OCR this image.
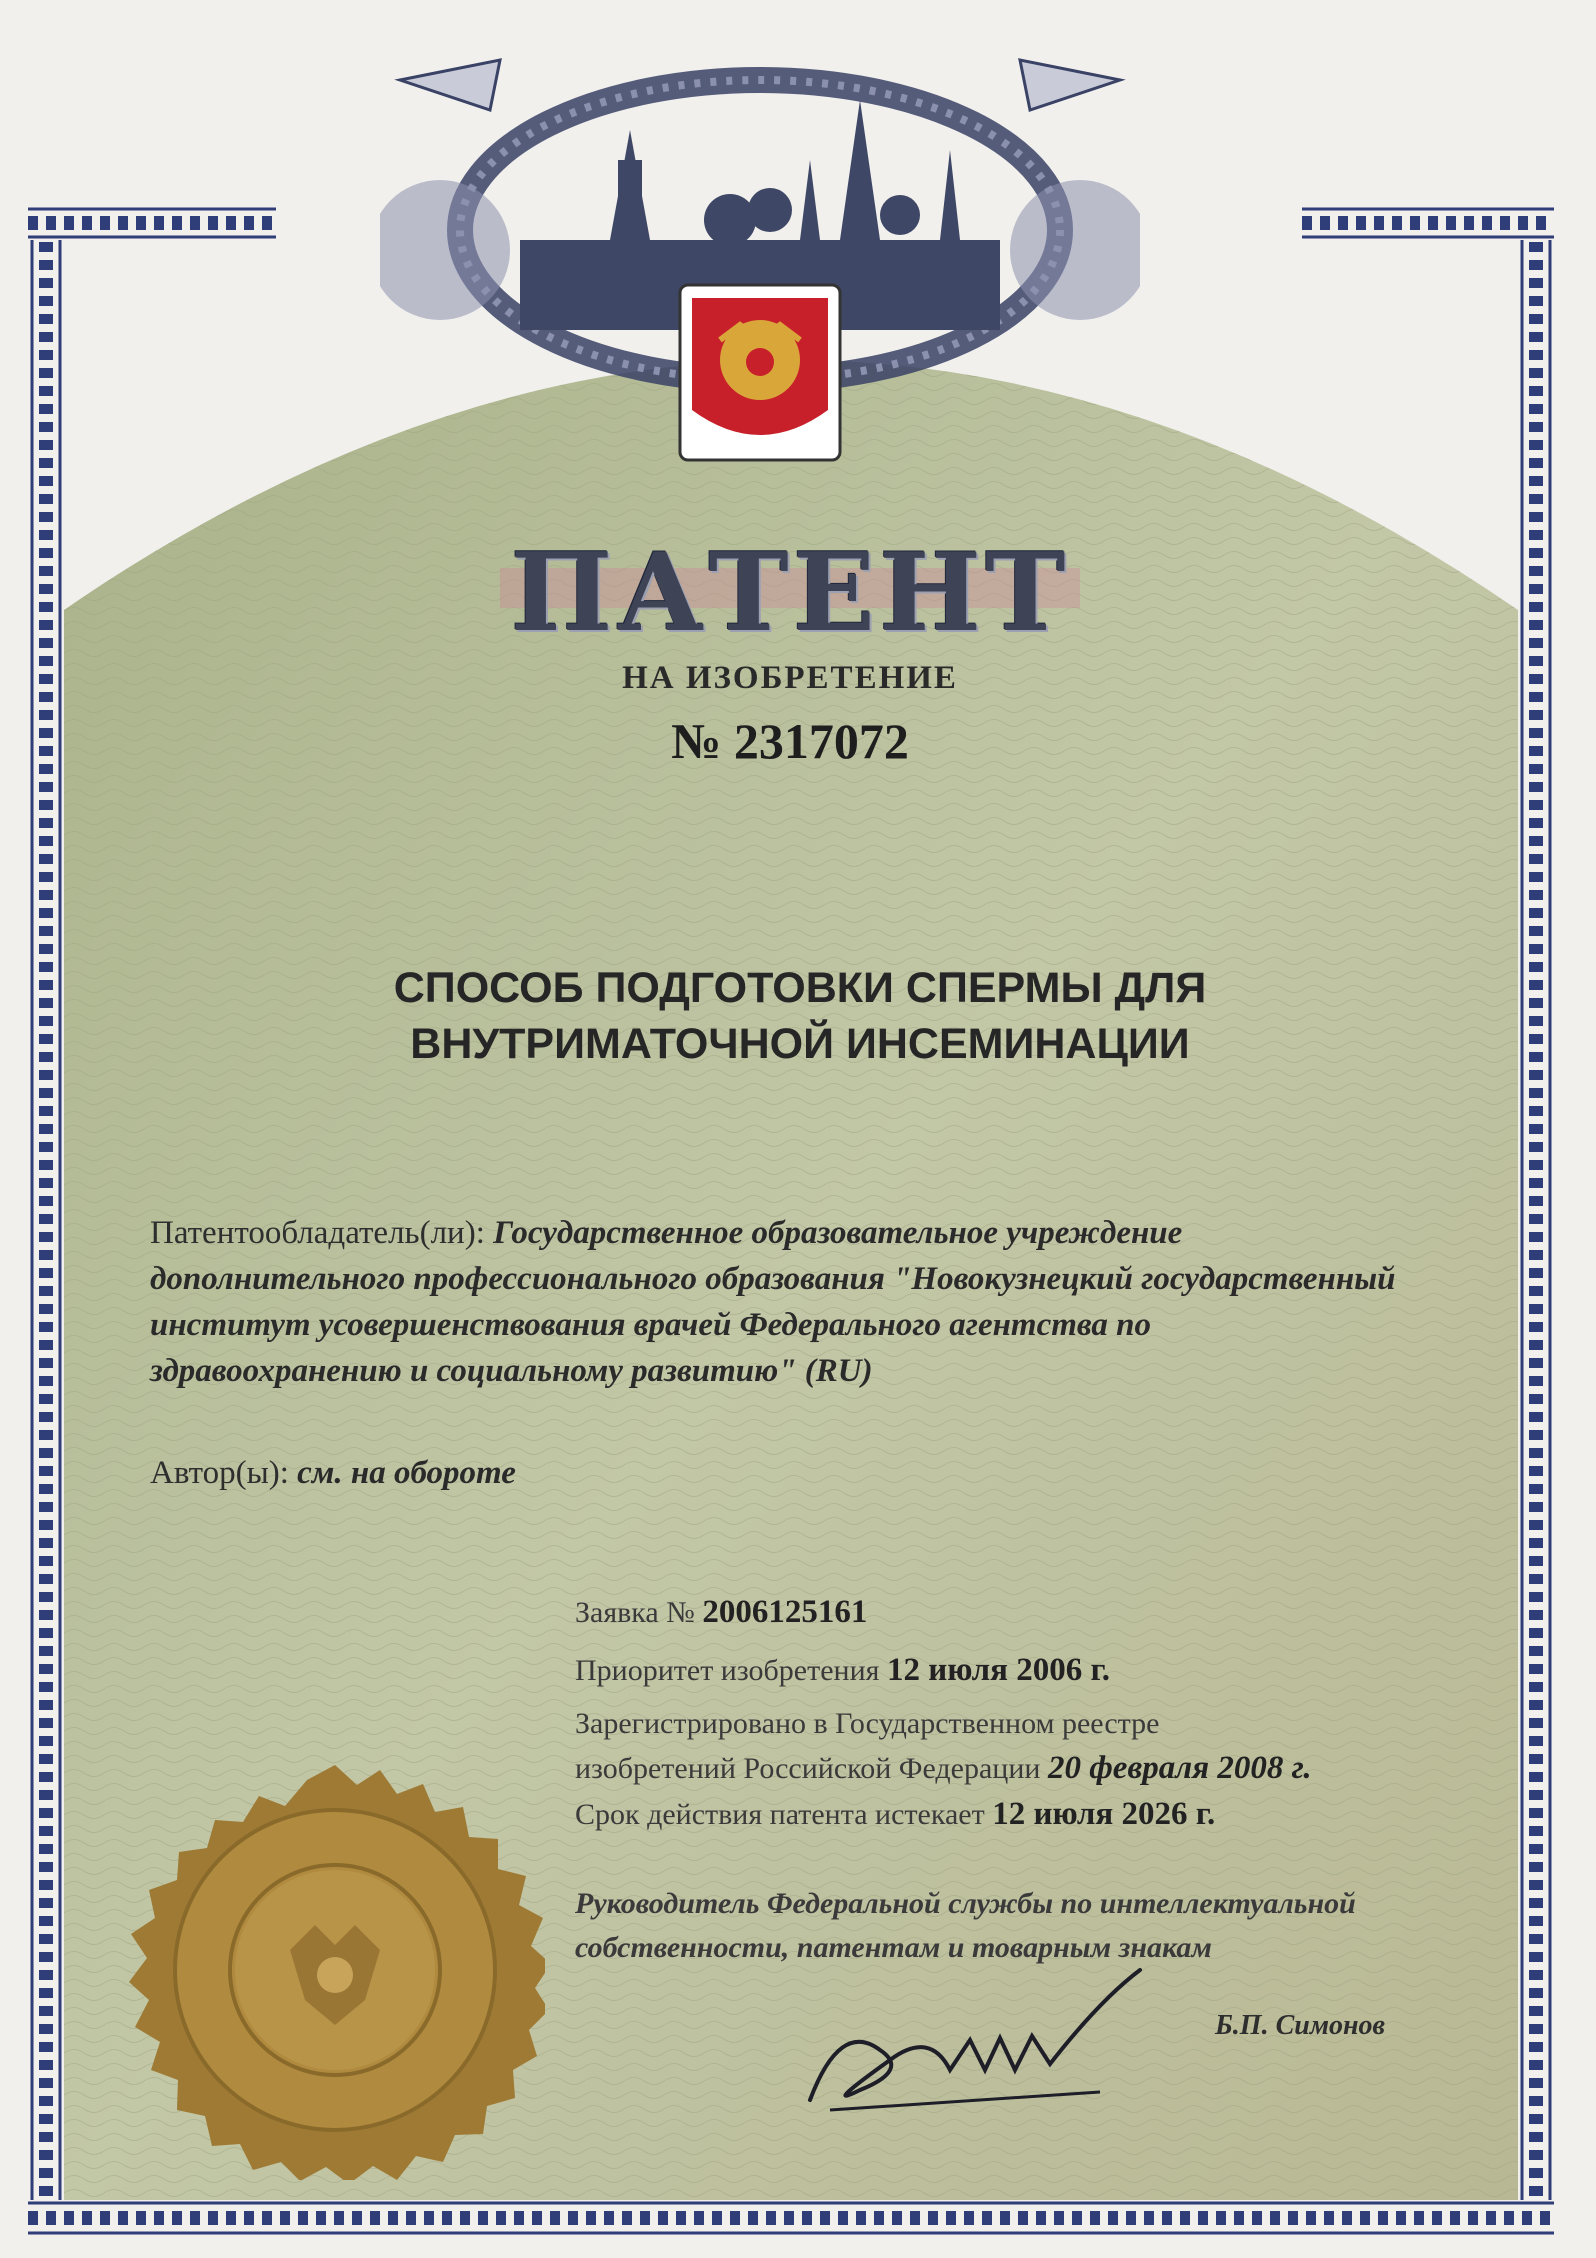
ПАТЕНТ
НА ИЗОБРЕТЕНИЕ
№ 2317072
СПОСОБ ПОДГОТОВКИ СПЕРМЫ ДЛЯ
ВНУТРИМАТОЧНОЙ ИНСЕМИНАЦИИ
Патентообладатель(ли): Государственное образовательное учреждение дополнительного профессионального образования "Новокузнецкий государственный институт усовершенствования врачей Федерального агентства по здравоохранению и социальному развитию" (RU)
Автор(ы): см. на обороте
Заявка № 2006125161
Приоритет изобретения 12 июля 2006 г.
Зарегистрировано в Государственном реестре
изобретений Российской Федерации 20 февраля 2008 г.
Срок действия патента истекает 12 июля 2026 г.
Руководитель Федеральной службы по интеллектуальной
собственности, патентам и товарным знакам
Б.П. Симонов
